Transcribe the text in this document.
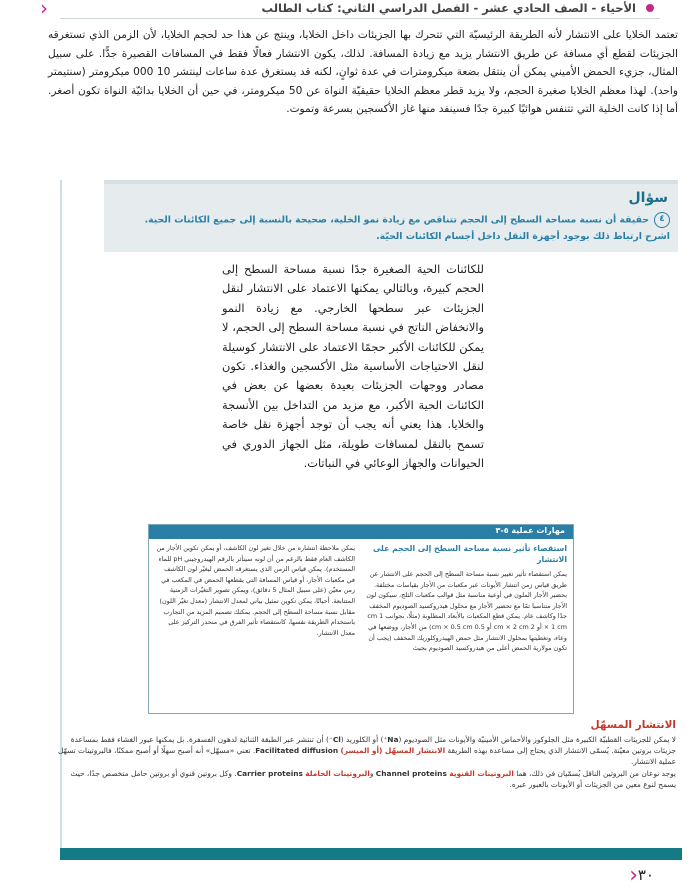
الأحياء - الصف الحادي عشر - الفصل الدراسي الثاني: كتاب الطالب
‹

تعتمد الخلايا على الانتشار لأنه الطريقة الرئيسيّة التي تتحرك بها الجزيئات داخل الخلايا، وينتج عن هذا حد لحجم الخلايا، لأن الزمن الذي تستغرقه الجزيئات لقطع أي مسافة عن طريق الانتشار يزيد مع زيادة المسافة. لذلك، يكون الانتشار فعالًا فقط في المسافات القصيرة جدًّا. على سبيل المثال، جزيء الحمض الأميني يمكن أن ينتقل بضعة ميكرومترات في عدة ثوانٍ، لكنه قد يستغرق عدة ساعات لينتشر 10 000 ميكرومتر (سنتيمتر واحد). لهذا معظم الخلايا صغيرة الحجم، ولا يزيد قطر معظم الخلايا حقيقيّة النواة عن 50 ميكرومتر، في حين أن الخلايا بدائيّة النواة تكون أصغر. أما إذا كانت الخلية التي تتنفس هوائيًا كبيرة جدًا فسينفد منها غاز الأكسجين بسرعة وتموت.

سؤال
٤حقيقة أن نسبة مساحة السطح إلى الحجم تتناقص مع زيادة نمو الخلية، صحيحة بالنسبة إلى جميع الكائنات الحية.
اشرح ارتباط ذلك بوجود أجهزة النقل داخل أجسام الكائنات الحيّة.

للكائنات الحية الصغيرة جدًا نسبة مساحة السطح إلى الحجم كبيرة، وبالتالي يمكنها الاعتماد على الانتشار لنقل الجزيئات عبر سطحها الخارجي. مع زيادة النمو والانخفاض الناتج في نسبة مساحة السطح إلى الحجم، لا يمكن للكائنات الأكبر حجمًا الاعتماد على الانتشار كوسيلة لنقل الاحتياجات الأساسية مثل الأكسجين والغذاء. تكون مصادر ووجهات الجزيئات بعيدة بعضها عن بعض في الكائنات الحية الأكبر، مع مزيد من التداخل بين الأنسجة والخلايا. هذا يعني أنه يجب أن توجد أجهزة نقل خاصة تسمح بالنقل لمسافات طويلة، مثل الجهاز الدوري في الحيوانات والجهاز الوعائي في النباتات.

مهارات عملية ٥-٣

استقصاء تأثير نسبة مساحة السطح إلى الحجم على الانتشار

يمكن استقصاء تأثير تغيير نسبة مساحة السطح إلى الحجم على الانتشار عن طريق قياس زمن انتشار الأيونات عبر مكعبات من الأجار بقياسات مختلفة. بحضير الأجار الملون في أوعية مناسبة مثل قوالب مكعبات الثلج، سيكون لون الأجار متناسبا تمًا مع تحضير الأجار مع محلول هيدروكسيد الصوديوم المخفف جدًا وكاشف عام. يمكن قطع المكعبات بالأبعاد المطلوبة (مثلًا، بجوانب 1 cm × 1 cm أو 2 cm × 2 cm أو 0.5 cm × 0.5 cm) من الأجار، ووضعها في وعاء، وتغطيتها بمحلول الانتشار مثل حمض الهيدروكلوريك المخفف (يجب أن تكون مولارية الحمض أعلى من هيدروكسيد الصوديوم بحيث

يمكن ملاحظة انتشاره من خلال تغير لون الكاشف، أو يمكن تكوين الأجار من الكاشف العام فقط بالرغم من أن لونه سيتأثر بالرقم الهيدروجيني pH للماء المستخدم). يمكن قياس الزمن الذي يستغرقه الحمض ليغيّر لون الكاشف في مكعبات الأجار، أو قياس المسافة التي يقطعها الحمض في المكعب في زمن معيّن (على سبيل المثال 5 دقائق)، ويمكن تصوير التغيّرات الزمنية المتتابعة. أحيانًا، يمكن تكوين تمثيل بياني لمعدل الانتشار (معدل تغيّر اللون) مقابل نسبة مساحة السطح إلى الحجم. يمكنك تصميم المزيد من التجارب باستخدام الطريقة نفسها، كاستقصاء تأثير الفرق في منحدر التركيز على معدل الانتشار.

الانتشار المسهّل

لا يمكن للجزيئات القطبيّة الكبيرة مثل الجلوكوز والأحماض الأمينيّة والأيونات مثل الصوديوم (Na⁺) أو الكلوريد (Cl⁻) أن تنتشر عبر الطبقة الثنائية لدهون الفسفرة. بل يمكنها عبور الغشاء فقط بمساعدة جزيئات بروتين معيّنة. يُسمّى الانتشار الذي يحتاج إلى مساعدة بهذه الطريقة الانتشار المسهّل (أو الميسر) Facilitated diffusion. تعني «مسهّل» أنه أصبح سهلًا أو أصبح ممكنًا، فالبروتينات تسهّل عملية الانتشار.

يوجد نوعان من البروتين الناقل يُسمّيان في ذلك، هما البروتينات القنوية Channel proteins والبروتينات الحاملة Carrier proteins. وكل بروتين قنوي أو بروتين حامل متخصص جدًا، حيث يسمح لنوع معين من الجزيئات أو الأيونات بالعبور عبره.

‹ ٣٠
